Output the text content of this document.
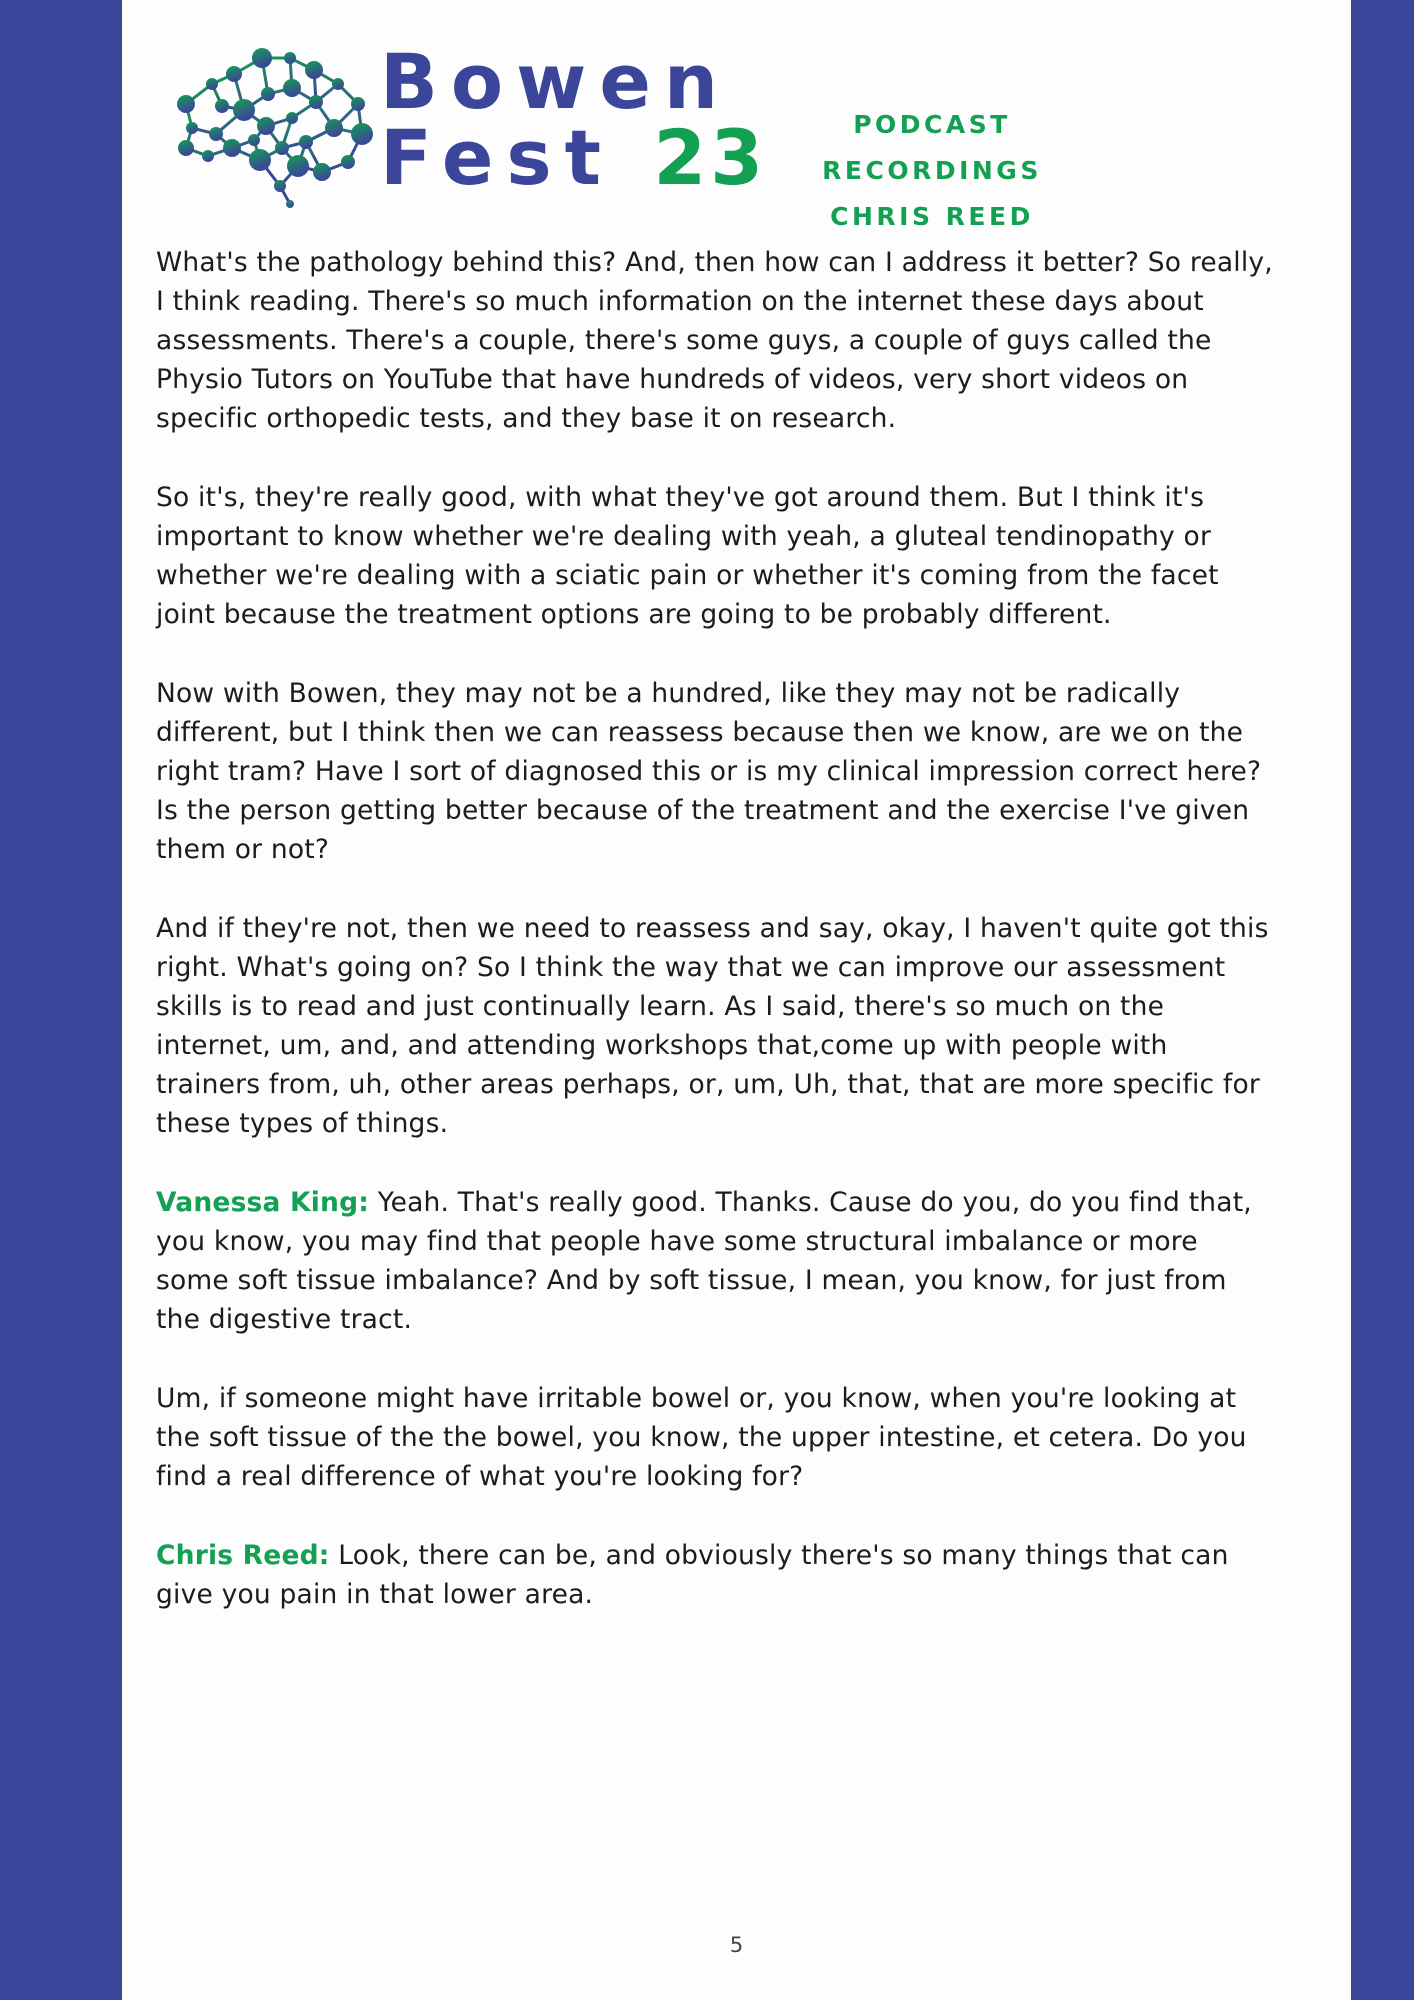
Bowen
Fest 23	PODCAST RECORDINGS
CHRIS REED

What's the pathology behind this? And, then how can I address it better? So really, I think reading. There's so much information on the internet these days about assessments. There's a couple, there's some guys, a couple of guys called the Physio Tutors on YouTube that have hundreds of videos, very short videos on specific orthopedic tests, and they base it on research.

So it's, they're really good, with what they've got around them. But I think it's important to know whether we're dealing with yeah, a gluteal tendinopathy or whether we're dealing with a sciatic pain or whether it's coming from the facet joint because the treatment options are going to be probably different.

Now with Bowen, they may not be a hundred, like they may not be radically different, but I think then we can reassess because then we know, are we on the right tram? Have I sort of diagnosed this or is my clinical impression correct here? Is the person getting better because of the treatment and the exercise I've given them or not?

And if they're not, then we need to reassess and say, okay, I haven't quite got this right. What's going on? So I think the way that we can improve our assessment skills is to read and just continually learn. As I said, there's so much on the internet, um, and, and attending workshops that,come up with people with trainers from, uh, other areas perhaps, or, um, Uh, that, that are more specific for these types of things.

Vanessa King: Yeah. That's really good. Thanks. Cause do you, do you find that, you know, you may find that people have some structural imbalance or more some soft tissue imbalance? And by soft tissue, I mean, you know, for just from the digestive tract.

Um, if someone might have irritable bowel or, you know, when you're looking at the soft tissue of the the bowel, you know, the upper intestine, et cetera. Do you find a real difference of what you're looking for?

Chris Reed: Look, there can be, and obviously there's so many things that can give you pain in that lower area.

5
